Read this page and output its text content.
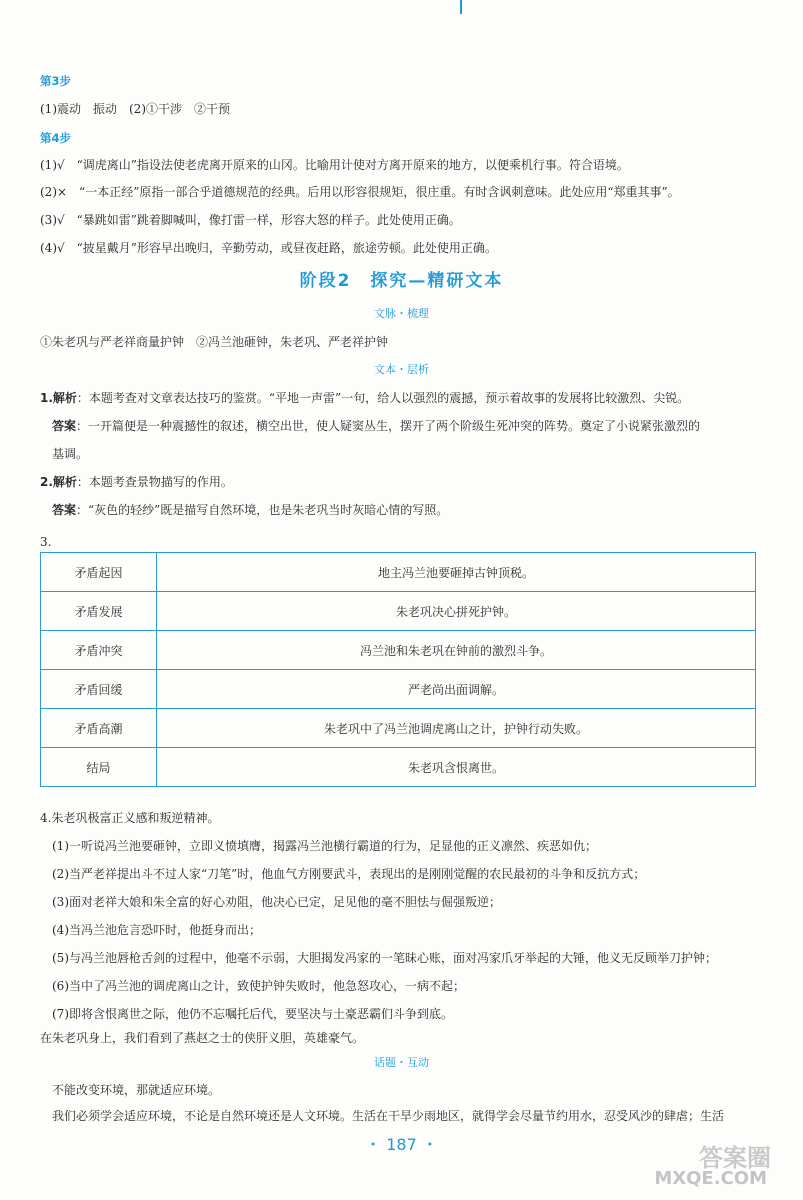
第3步
(1)震动　振动　(2)①干涉　②干预
第4步
(1)√　“调虎离山”指设法使老虎离开原来的山冈。比喻用计使对方离开原来的地方，以便乘机行事。符合语境。
(2)×　“一本正经”原指一部合乎道德规范的经典。后用以形容很规矩，很庄重。有时含讽刺意味。此处应用“郑重其事”。
(3)√　“暴跳如雷”跳着脚喊叫，像打雷一样，形容大怒的样子。此处使用正确。
(4)√　“披星戴月”形容早出晚归，辛勤劳动，或昼夜赶路，旅途劳顿。此处使用正确。
阶段2　探究—精研文本
文脉・梳理
①朱老巩与严老祥商量护钟　②冯兰池砸钟，朱老巩、严老祥护钟
文本・层析
1.解析：本题考查对文章表达技巧的鉴赏。“平地一声雷”一句，给人以强烈的震撼，预示着故事的发展将比较激烈、尖锐。
答案：一开篇便是一种震撼性的叙述，横空出世，使人疑窦丛生，摆开了两个阶级生死冲突的阵势。奠定了小说紧张激烈的
基调。
2.解析：本题考查景物描写的作用。
答案：“灰色的轻纱”既是描写自然环境，也是朱老巩当时灰暗心情的写照。
3.
矛盾起因	地主冯兰池要砸掉古钟顶税。
矛盾发展	朱老巩决心拼死护钟。
矛盾冲突	冯兰池和朱老巩在钟前的激烈斗争。
矛盾回缓	严老尚出面调解。
矛盾高潮	朱老巩中了冯兰池调虎离山之计，护钟行动失败。
结局	朱老巩含恨离世。
4.朱老巩极富正义感和叛逆精神。
(1)一听说冯兰池要砸钟，立即义愤填膺，揭露冯兰池横行霸道的行为，足显他的正义凛然、疾恶如仇；
(2)当严老祥提出斗不过人家“刀笔”时，他血气方刚要武斗，表现出的是刚刚觉醒的农民最初的斗争和反抗方式；
(3)面对老祥大娘和朱全富的好心劝阻，他决心已定，足见他的毫不胆怯与倔强叛逆；
(4)当冯兰池危言恐吓时，他挺身而出；
(5)与冯兰池唇枪舌剑的过程中，他毫不示弱，大胆揭发冯家的一笔昧心账，面对冯家爪牙举起的大锤，他义无反顾举刀护钟；
(6)当中了冯兰池的调虎离山之计，致使护钟失败时，他急怒攻心，一病不起；
(7)即将含恨离世之际，他仍不忘嘱托后代，要坚决与土豪恶霸们斗争到底。
在朱老巩身上，我们看到了燕赵之士的侠肝义胆，英雄豪气。
话题・互动
不能改变环境，那就适应环境。
我们必须学会适应环境，不论是自然环境还是人文环境。生活在干旱少雨地区，就得学会尽量节约用水，忍受风沙的肆虐；生活
・ 187 ・	答案圈
MXQE.COM
